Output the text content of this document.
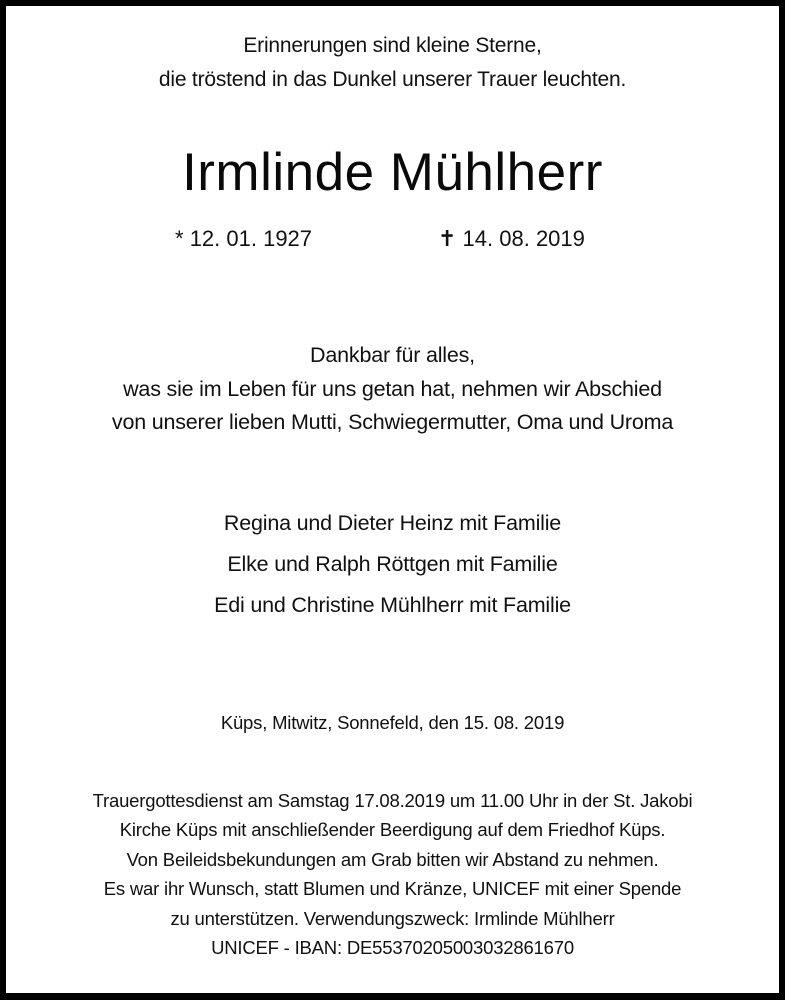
Erinnerungen sind kleine Sterne,
die tröstend in das Dunkel unserer Trauer leuchten.
Irmlinde Mühlherr
* 12. 01. 1927	✝ 14. 08. 2019
Dankbar für alles,
was sie im Leben für uns getan hat, nehmen wir Abschied
von unserer lieben Mutti, Schwiegermutter, Oma und Uroma
Regina und Dieter Heinz mit Familie
Elke und Ralph Röttgen mit Familie
Edi und Christine Mühlherr mit Familie
Küps, Mitwitz, Sonnefeld, den 15. 08. 2019
Trauergottesdienst am Samstag 17.08.2019 um 11.00 Uhr in der St. Jakobi
Kirche Küps mit anschließender Beerdigung auf dem Friedhof Küps.
Von Beileidsbekundungen am Grab bitten wir Abstand zu nehmen.
Es war ihr Wunsch, statt Blumen und Kränze, UNICEF mit einer Spende
zu unterstützen. Verwendungszweck: Irmlinde Mühlherr
UNICEF - IBAN: DE55370205003032861670
